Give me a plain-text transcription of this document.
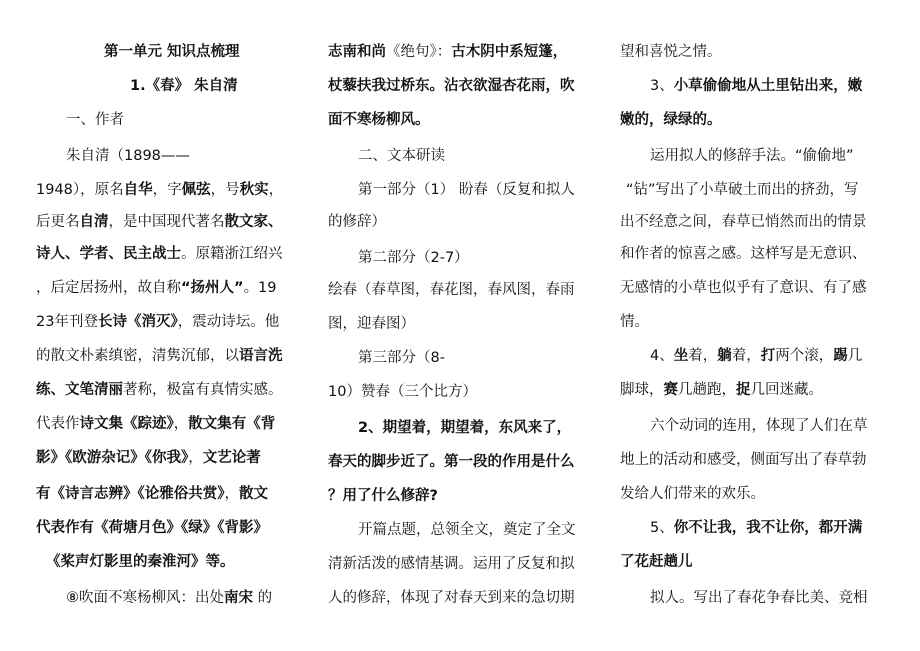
第一单元 知识点梳理
1.《春》 朱自清
一、作者
朱自清（1898——
1948），原名自华，字佩弦，号秋实，
后更名自清，是中国现代著名散文家、
诗人、学者、民主战士。原籍浙江绍兴
，后定居扬州，故自称“扬州人”。19
23年刊登长诗《消灭》，震动诗坛。他
的散文朴素缜密，清隽沉郁，以语言洗
练、文笔清丽著称，极富有真情实感。
代表作诗文集《踪迹》，散文集有《背
影》《欧游杂记》《你我》，文艺论著
有《诗言志辨》《论雅俗共赏》，散文
代表作有《荷塘月色》《绿》《背影》
《桨声灯影里的秦淮河》等。
⑧吹面不寒杨柳风：出处南宋 的
志南和尚《绝句》：古木阴中系短篷，
杖藜扶我过桥东。沾衣欲湿杏花雨，吹
面不寒杨柳风。
二、文本研读
第一部分（1） 盼春（反复和拟人
的修辞）
第二部分（2-7）
绘春（春草图，春花图，春风图，春雨
图，迎春图）
第三部分（8-
10）赞春（三个比方）
2、期望着，期望着，东风来了，
春天的脚步近了。第一段的作用是什么
？用了什么修辞?
开篇点题，总领全文，奠定了全文
清新活泼的感情基调。运用了反复和拟
人的修辞，体现了对春天到来的急切期
望和喜悦之情。
3、小草偷偷地从土里钻出来，嫩
嫩的，绿绿的。
运用拟人的修辞手法。“偷偷地”
“钻”写出了小草破土而出的挤劲，写
出不经意之间，春草已悄然而出的情景
和作者的惊喜之感。这样写是无意识、
无感情的小草也似乎有了意识、有了感
情。
4、坐着，躺着，打两个滚，踢几
脚球，赛几趟跑，捉几回迷藏。
六个动词的连用，体现了人们在草
地上的活动和感受，侧面写出了春草勃
发给人们带来的欢乐。
5、你不让我，我不让你，都开满
了花赶趟儿
拟人。写出了春花争春比美、竞相
